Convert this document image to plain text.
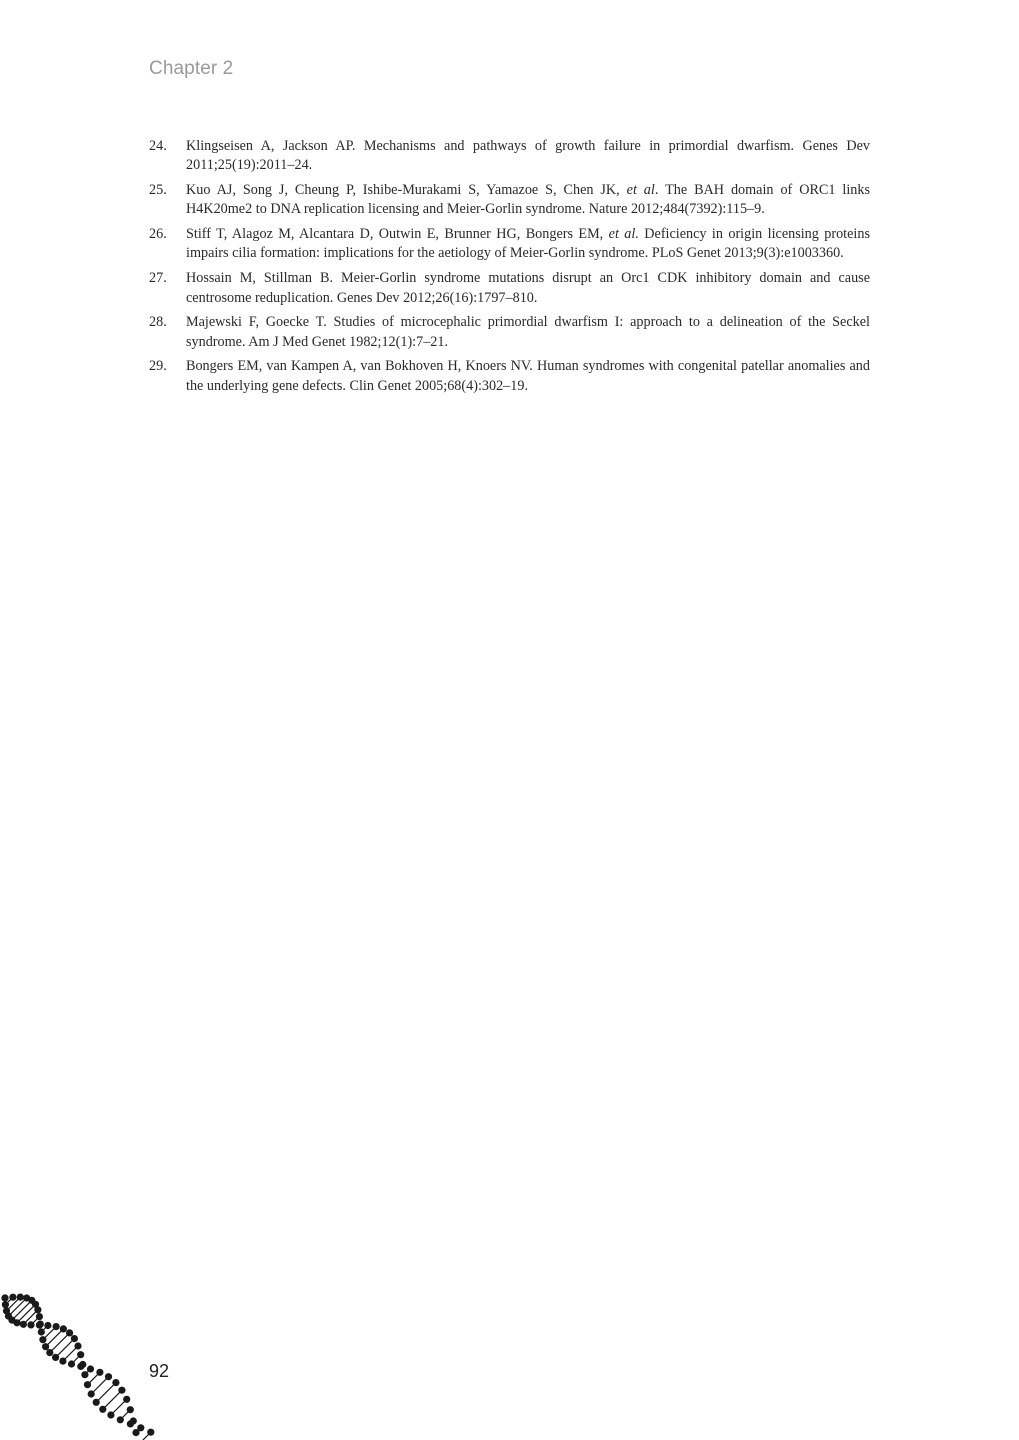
Chapter 2
24.	Klingseisen A, Jackson AP. Mechanisms and pathways of growth failure in primordial dwarfism. Genes Dev 2011;25(19):2011–24.
25.	Kuo AJ, Song J, Cheung P, Ishibe-Murakami S, Yamazoe S, Chen JK, et al. The BAH domain of ORC1 links H4K20me2 to DNA replication licensing and Meier-Gorlin syndrome. Nature 2012;484(7392):115–9.
26.	Stiff T, Alagoz M, Alcantara D, Outwin E, Brunner HG, Bongers EM, et al. Deficiency in origin licensing proteins impairs cilia formation: implications for the aetiology of Meier-Gorlin syndrome. PLoS Genet 2013;9(3):e1003360.
27.	Hossain M, Stillman B. Meier-Gorlin syndrome mutations disrupt an Orc1 CDK inhibitory domain and cause centrosome reduplication. Genes Dev 2012;26(16):1797–810.
28.	Majewski F, Goecke T. Studies of microcephalic primordial dwarfism I: approach to a delineation of the Seckel syndrome. Am J Med Genet 1982;12(1):7–21.
29.	Bongers EM, van Kampen A, van Bokhoven H, Knoers NV. Human syndromes with congenital patellar anomalies and the underlying gene defects. Clin Genet 2005;68(4):302–19.
92
